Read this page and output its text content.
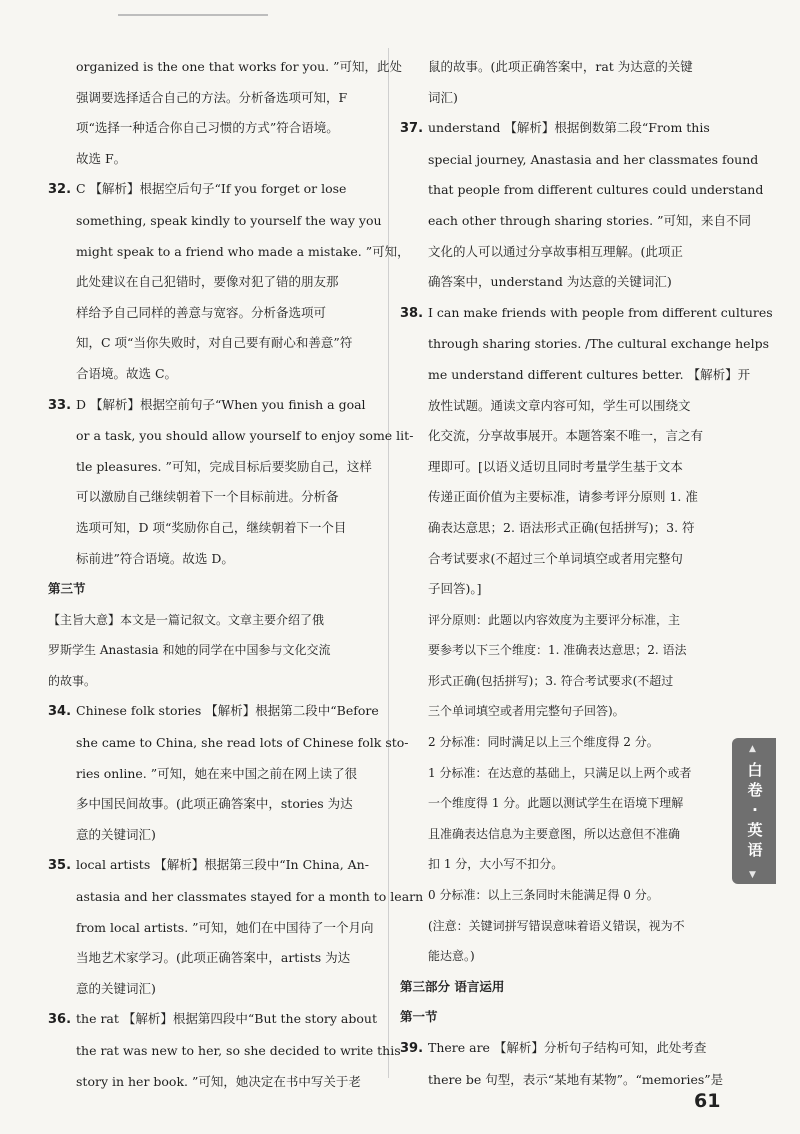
organized is the one that works for you. ”可知，此处
强调要选择适合自己的方法。分析备选项可知，F
项“选择一种适合你自己习惯的方式”符合语境。
故选 F。
32. C 【解析】根据空后句子“If you forget or lose
something, speak kindly to yourself the way you
might speak to a friend who made a mistake. ”可知，
此处建议在自己犯错时，要像对犯了错的朋友那
样给予自己同样的善意与宽容。分析备选项可
知，C 项“当你失败时，对自己要有耐心和善意”符
合语境。故选 C。
33. D 【解析】根据空前句子“When you finish a goal
or a task, you should allow yourself to enjoy some lit-
tle pleasures. ”可知，完成目标后要奖励自己，这样
可以激励自己继续朝着下一个目标前进。分析备
选项可知，D 项“奖励你自己，继续朝着下一个目
标前进”符合语境。故选 D。
第三节
【主旨大意】本文是一篇记叙文。文章主要介绍了俄
罗斯学生 Anastasia 和她的同学在中国参与文化交流
的故事。
34. Chinese folk stories 【解析】根据第二段中“Before
she came to China, she read lots of Chinese folk sto-
ries online. ”可知，她在来中国之前在网上读了很
多中国民间故事。(此项正确答案中，stories 为达
意的关键词汇)
35. local artists 【解析】根据第三段中“In China, An-
astasia and her classmates stayed for a month to learn
from local artists. ”可知，她们在中国待了一个月向
当地艺术家学习。(此项正确答案中，artists 为达
意的关键词汇)
36. the rat 【解析】根据第四段中“But the story about
the rat was new to her, so she decided to write this
story in her book. ”可知，她决定在书中写关于老
鼠的故事。(此项正确答案中，rat 为达意的关键
词汇)
37. understand 【解析】根据倒数第二段“From this
special journey, Anastasia and her classmates found
that people from different cultures could understand
each other through sharing stories. ”可知，来自不同
文化的人可以通过分享故事相互理解。(此项正
确答案中，understand 为达意的关键词汇)
38. I can make friends with people from different cultures
through sharing stories. /The cultural exchange helps
me understand different cultures better. 【解析】开
放性试题。通读文章内容可知，学生可以围绕文
化交流，分享故事展开。本题答案不唯一，言之有
理即可。[以语义适切且同时考量学生基于文本
传递正面价值为主要标准，请参考评分原则 1. 准
确表达意思；2. 语法形式正确(包括拼写)；3. 符
合考试要求(不超过三个单词填空或者用完整句
子回答)。]
评分原则：此题以内容效度为主要评分标准，主
要参考以下三个维度：1. 准确表达意思；2. 语法
形式正确(包括拼写)；3. 符合考试要求(不超过
三个单词填空或者用完整句子回答)。
2 分标准：同时满足以上三个维度得 2 分。
1 分标准：在达意的基础上，只满足以上两个或者
一个维度得 1 分。此题以测试学生在语境下理解
且准确表达信息为主要意图，所以达意但不准确
扣 1 分，大小写不扣分。
0 分标准：以上三条同时未能满足得 0 分。
(注意：关键词拼写错误意味着语义错误，视为不
能达意。)
第三部分 语言运用
第一节
39. There are 【解析】分析句子结构可知，此处考查
there be 句型，表示“某地有某物”。“memories”是
▲
白
卷
·
英
语
▼
61
